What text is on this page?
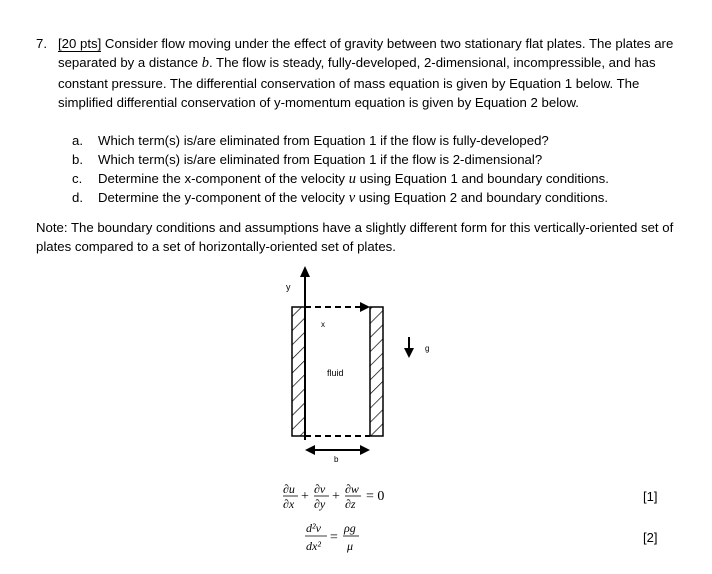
7. [20 pts] Consider flow moving under the effect of gravity between two stationary flat plates. The plates are separated by a distance b. The flow is steady, fully-developed, 2-dimensional, incompressible, and has constant pressure. The differential conservation of mass equation is given by Equation 1 below. The simplified differential conservation of y-momentum equation is given by Equation 2 below.
a. Which term(s) is/are eliminated from Equation 1 if the flow is fully-developed?
b. Which term(s) is/are eliminated from Equation 1 if the flow is 2-dimensional?
c. Determine the x-component of the velocity u using Equation 1 and boundary conditions.
d. Determine the y-component of the velocity v using Equation 2 and boundary conditions.
Note: The boundary conditions and assumptions have a slightly different form for this vertically-oriented set of plates compared to a set of horizontally-oriented set of plates.
y
x
fluid
g
b
∂u
∂x + ∂v
∂y + ∂w
∂z = 0
d²v
dx²
=
ρg
μ
[1]
[2]
